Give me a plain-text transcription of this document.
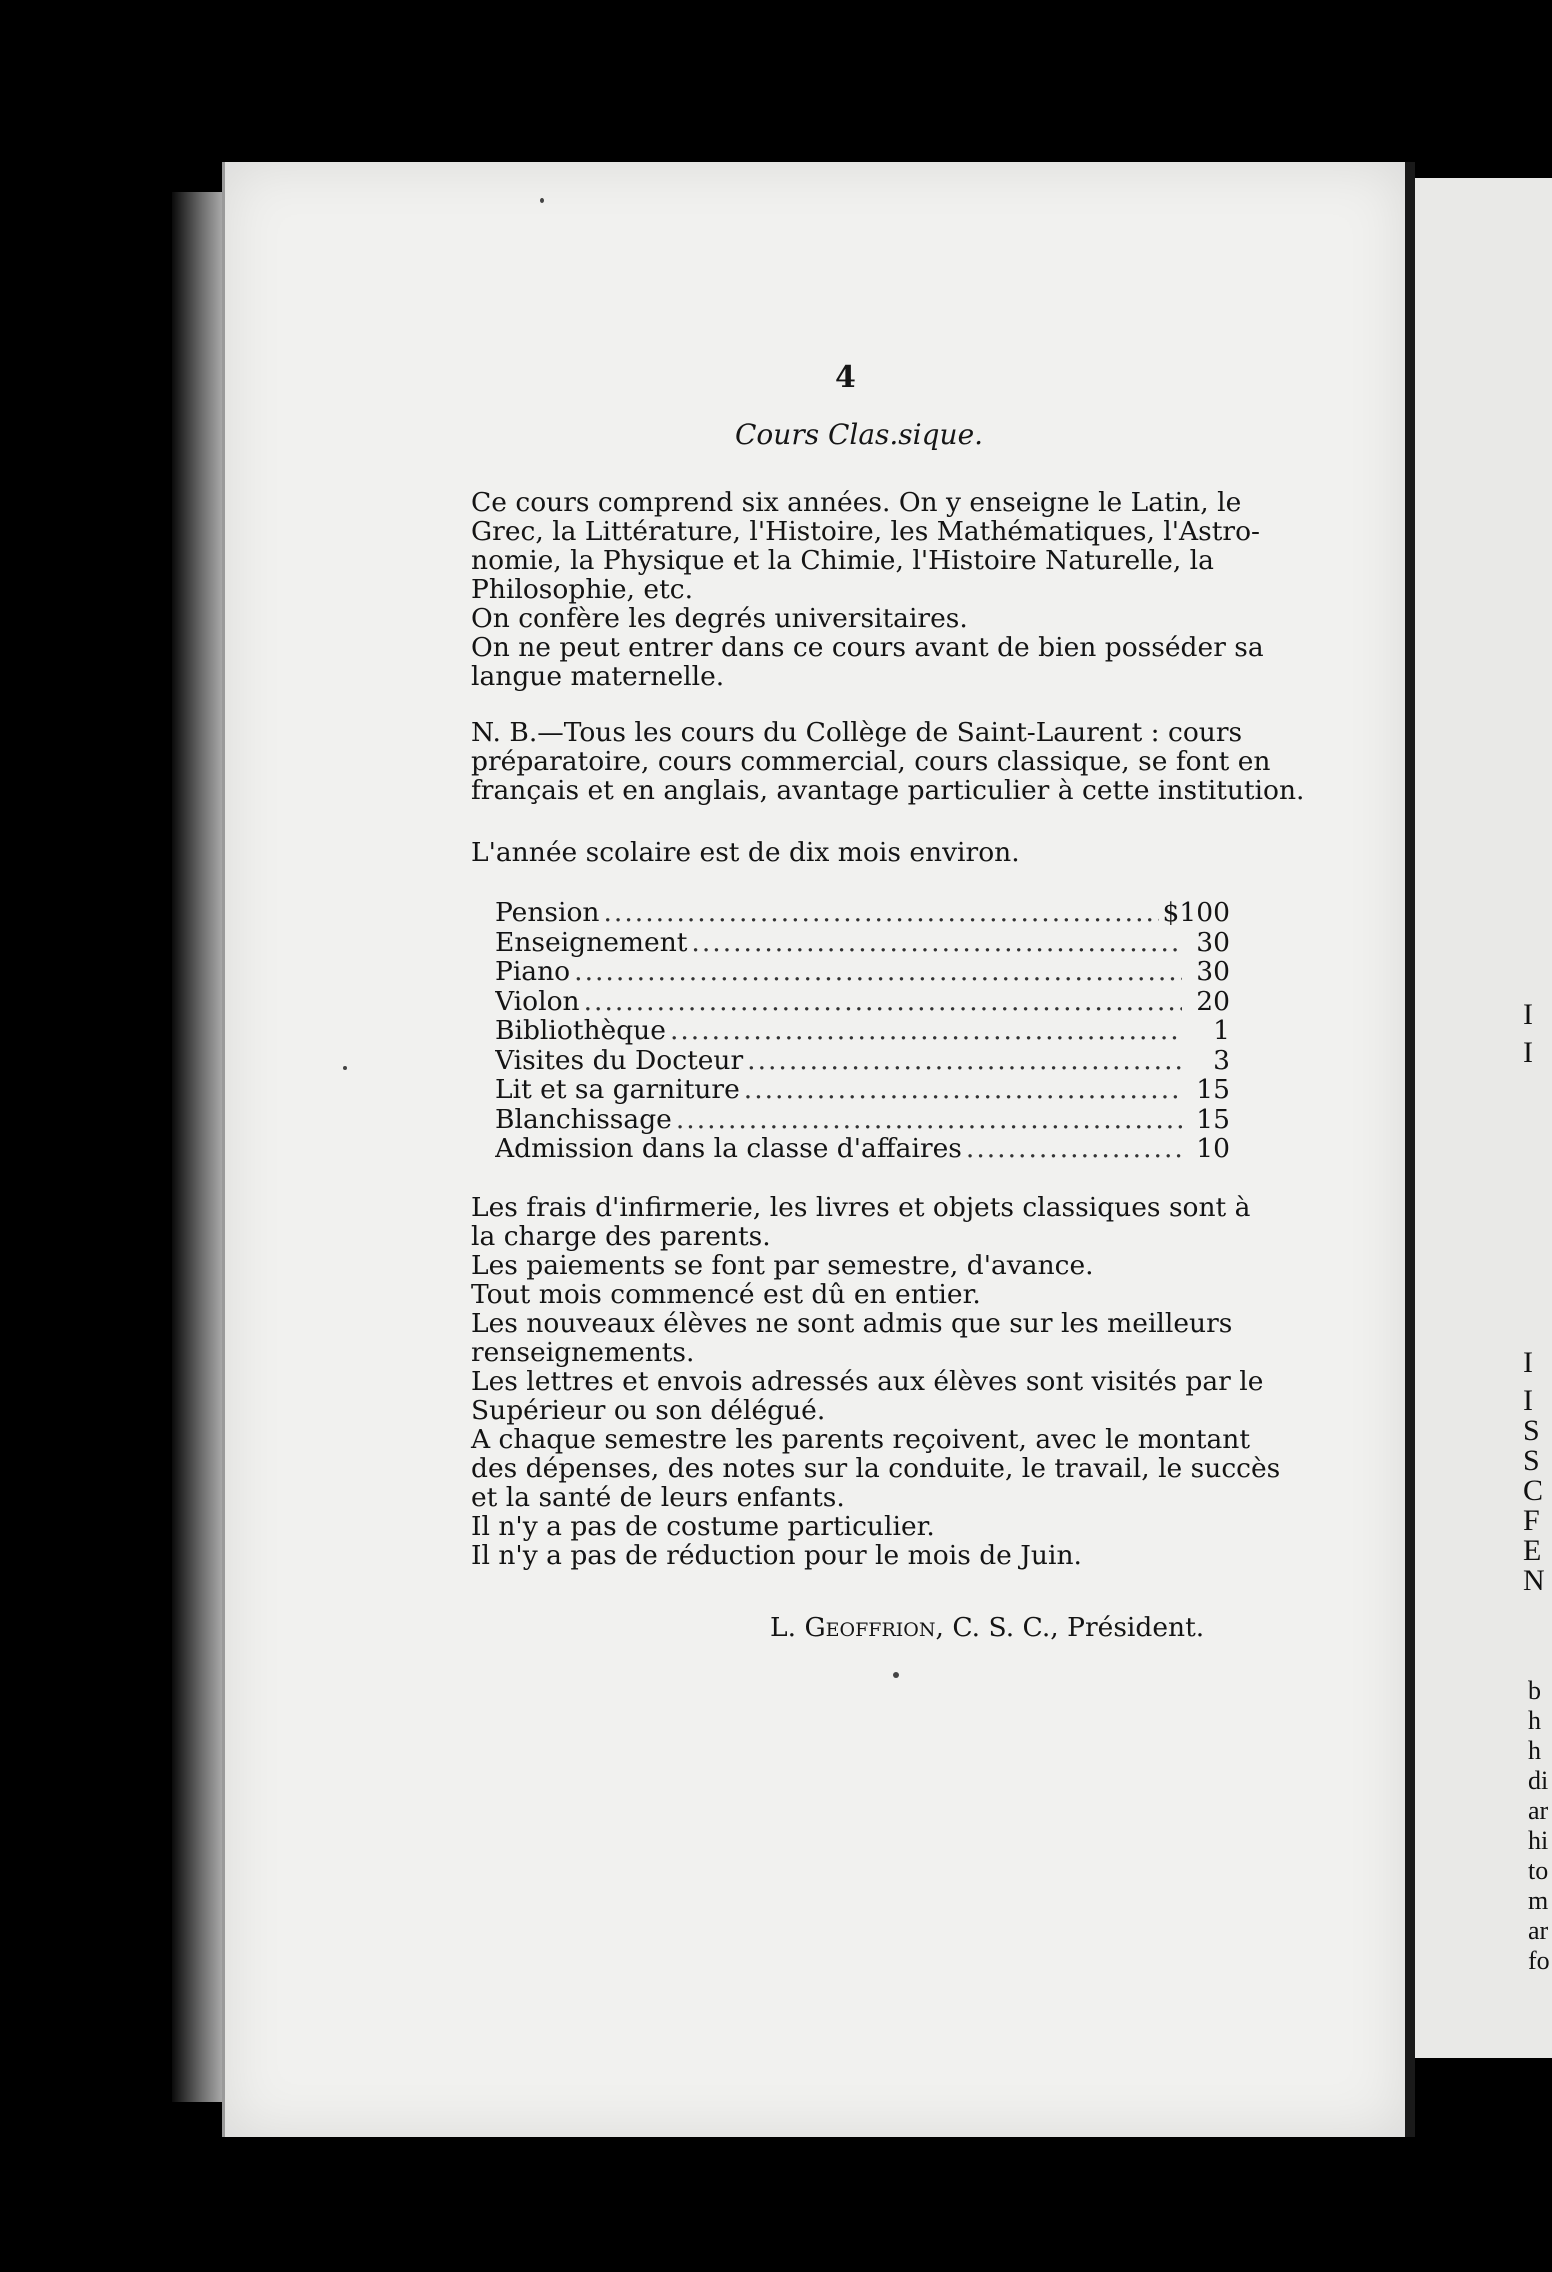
I
I
I
I
S
S
C
F
E
N
b
h
h
di
ar
hi
to
m
ar
fo
4
Cours Clas.sique.
Ce cours comprend six années. On y enseigne le Latin, le
Grec, la Littérature, l'Histoire, les Mathématiques, l'Astro-
nomie, la Physique et la Chimie, l'Histoire Naturelle, la
Philosophie, etc.
On confère les degrés universitaires.
On ne peut entrer dans ce cours avant de bien posséder sa
langue maternelle.
N. B.—Tous les cours du Collège de Saint-Laurent : cours
préparatoire, cours commercial, cours classique, se font en
français et en anglais, avantage particulier à cette institution.
L'année scolaire est de dix mois environ.
Pension .....	$100
Enseignement .....	30
Piano .....	30
Violon .....	20
Bibliothèque .....	1
Visites du Docteur .....	3
Lit et sa garniture .....	15
Blanchissage .....	15
Admission dans la classe d'affaires .....	10
Les frais d'infirmerie, les livres et objets classiques sont à
la charge des parents.
Les paiements se font par semestre, d'avance.
Tout mois commencé est dû en entier.
Les nouveaux élèves ne sont admis que sur les meilleurs
renseignements.
Les lettres et envois adressés aux élèves sont visités par le
Supérieur ou son délégué.
A chaque semestre les parents reçoivent, avec le montant
des dépenses, des notes sur la conduite, le travail, le succès
et la santé de leurs enfants.
Il n'y a pas de costume particulier.
Il n'y a pas de réduction pour le mois de Juin.
L. Geoffrion, C. S. C., Président.
